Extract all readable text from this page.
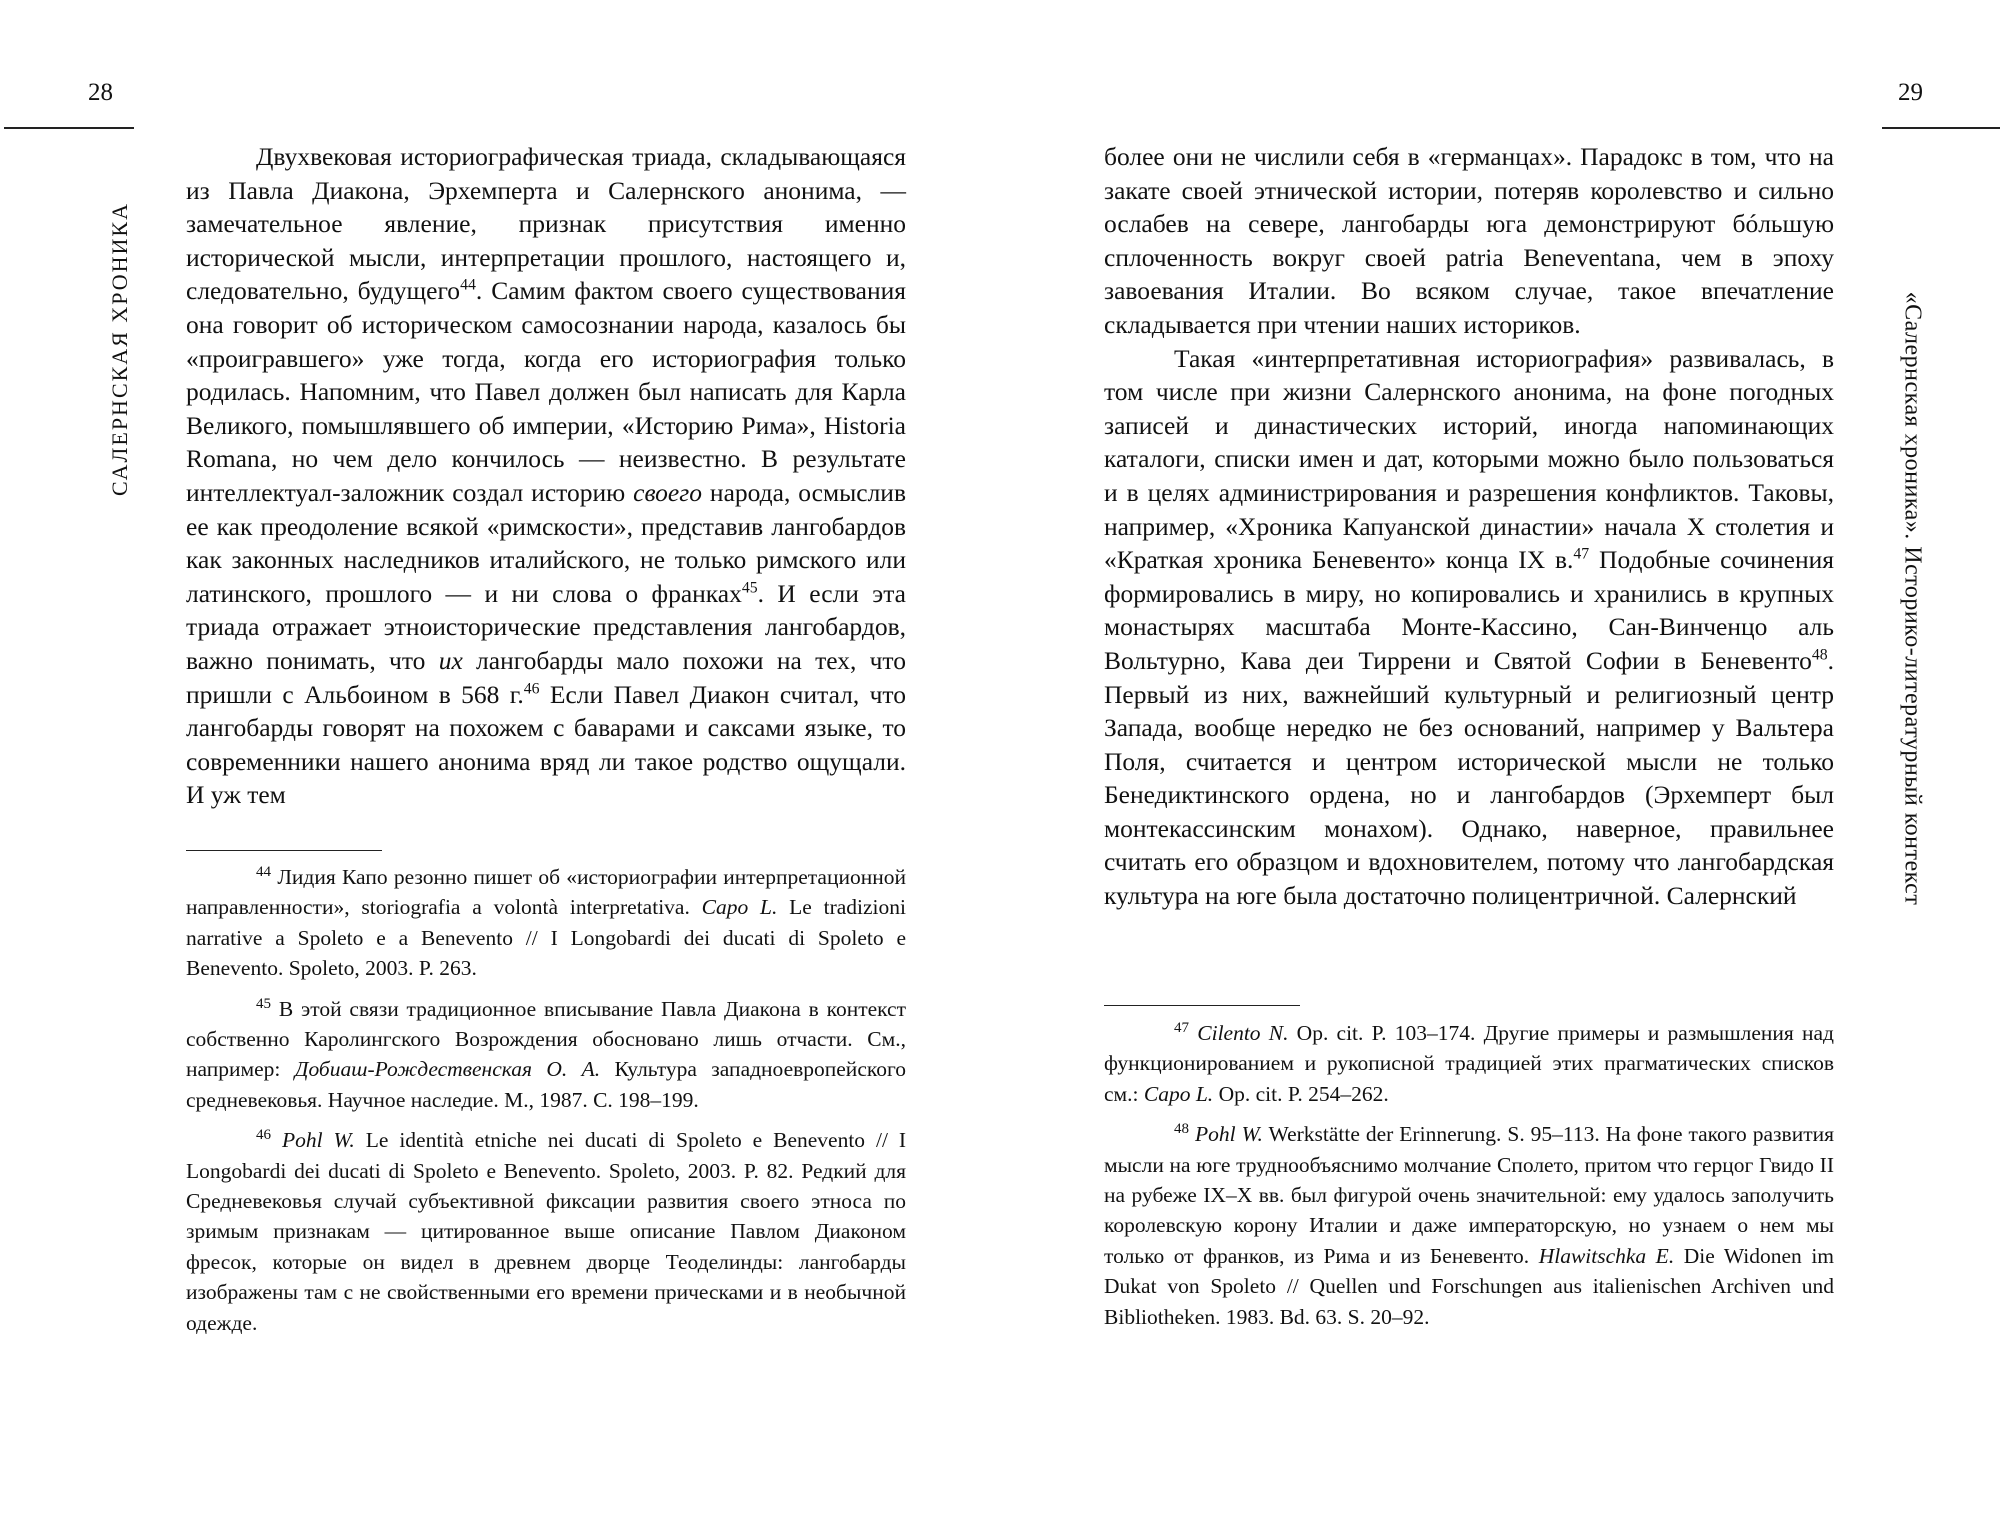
28
САЛЕРНСКАЯ ХРОНИКА

Двухвековая историографическая триада, складывающаяся из Павла Диакона, Эрхемперта и Салернского анонима, — замечательное явление, признак присутствия именно исторической мысли, интерпретации прошлого, настоящего и, следовательно, будущего$^{44}$. Самим фактом своего существования она говорит об историческом самосознании народа, казалось бы «проигравшего» уже тогда, когда его историография только родилась. Напомним, что Павел должен был написать для Карла Великого, помышлявшего об империи, «Историю Рима», Historia Romana, но чем дело кончилось — неизвестно. В результате интеллектуал-заложник создал историю своего народа, осмыслив ее как преодоление всякой «римскости», представив лангобардов как законных наследников италийского, не только римского или латинского, прошлого — и ни слова о франках$^{45}$. И если эта триада отражает этноисторические представления лангобардов, важно понимать, что их лангобарды мало похожи на тех, что пришли с Альбоином в 568 г.$^{46}$ Если Павел Диакон считал, что лангобарды говорят на похожем с баварами и саксами языке, то современники нашего анонима вряд ли такое родство ощущали. И уж тем

$^{44}$ Лидия Капо резонно пишет об «историографии интерпретационной направленности», storiografia a volontà interpretativa. Capo L. Le tradizioni narrative a Spoleto e a Benevento // I Longobardi dei ducati di Spoleto e Benevento. Spoleto, 2003. P. 263.

$^{45}$ В этой связи традиционное вписывание Павла Диакона в контекст собственно Каролингского Возрождения обосновано лишь отчасти. См., например: Добиаш-Рождественская О. А. Культура западноевропейского средневековья. Научное наследие. М., 1987. С. 198–199.

$^{46}$ Pohl W. Le identità etniche nei ducati di Spoleto e Benevento // I Longobardi dei ducati di Spoleto e Benevento. Spoleto, 2003. P. 82. Редкий для Средневековья случай субъективной фиксации развития своего этноса по зримым признакам — цитированное выше описание Павлом Диаконом фресок, которые он видел в древнем дворце Теоделинды: лангобарды изображены там с не свойственными его времени прическами и в необычной одежде.

29
«Салернская хроника». Историко-литературный контекст

более они не числили себя в «германцах». Парадокс в том, что на закате своей этнической истории, потеряв королевство и сильно ослабев на севере, лангобарды юга демонстрируют бóльшую сплоченность вокруг своей patria Beneventana, чем в эпоху завоевания Италии. Во всяком случае, такое впечатление складывается при чтении наших историков.

Такая «интерпретативная историография» развивалась, в том числе при жизни Салернского анонима, на фоне погодных записей и династических историй, иногда напоминающих каталоги, списки имен и дат, которыми можно было пользоваться и в целях администрирования и разрешения конфликтов. Таковы, например, «Хроника Капуанской династии» начала X столетия и «Краткая хроника Беневенто» конца IX в.$^{47}$ Подобные сочинения формировались в миру, но копировались и хранились в крупных монастырях масштаба Монте-Кассино, Сан-Винченцо аль Вольтурно, Кава деи Тиррени и Святой Софии в Беневенто$^{48}$. Первый из них, важнейший культурный и религиозный центр Запада, вообще нередко не без оснований, например у Вальтера Поля, считается и центром исторической мысли не только Бенедиктинского ордена, но и лангобардов (Эрхемперт был монтекассинским монахом). Однако, наверное, правильнее считать его образцом и вдохновителем, потому что лангобардская культура на юге была достаточно полицентричной. Салернский

$^{47}$ Cilento N. Op. cit. P. 103–174. Другие примеры и размышления над функционированием и рукописной традицией этих прагматических списков см.: Capo L. Op. cit. P. 254–262.

$^{48}$ Pohl W. Werkstätte der Erinnerung. S. 95–113. На фоне такого развития мысли на юге труднообъяснимо молчание Сполето, притом что герцог Гвидо II на рубеже IX–X вв. был фигурой очень значительной: ему удалось заполучить королевскую корону Италии и даже императорскую, но узнаем о нем мы только от франков, из Рима и из Беневенто. Hlawitschka E. Die Widonen im Dukat von Spoleto // Quellen und Forschungen aus italienischen Archiven und Bibliotheken. 1983. Bd. 63. S. 20–92.
